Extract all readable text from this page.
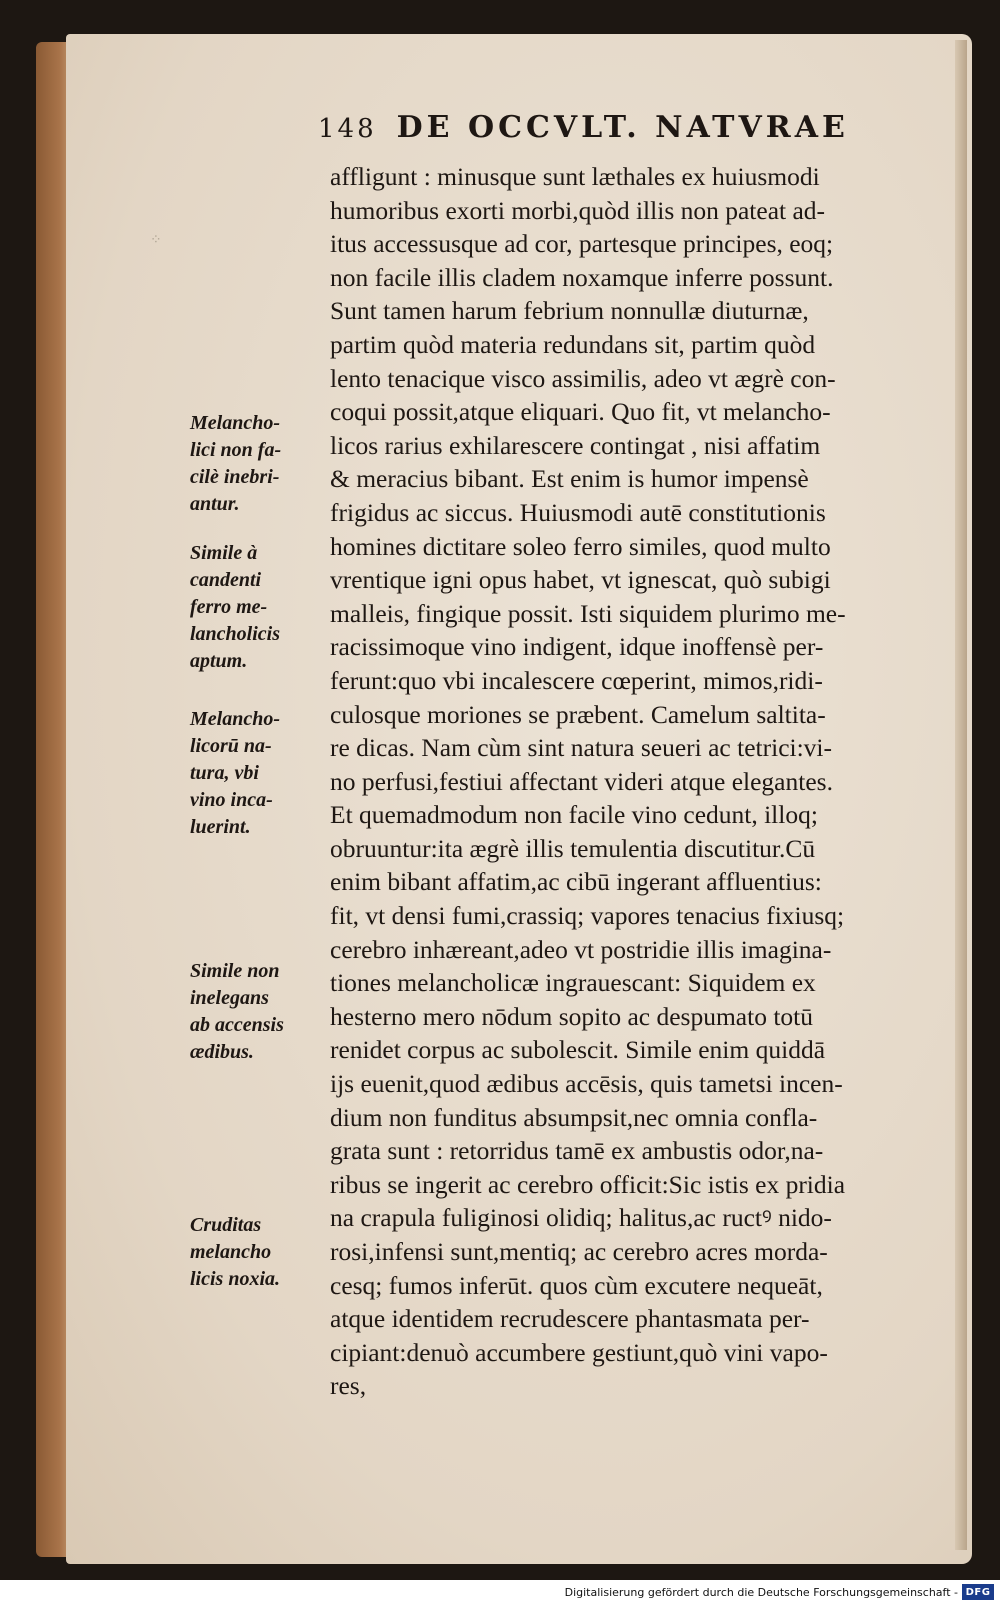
⁘
148 DE OCCVLT. NATVRAE
affligunt : minusque sunt læthales ex huiusmodi
humoribus exorti morbi,quòd illis non pateat ad-
itus accessusque ad cor, partesque principes, eoq;
non facile illis cladem noxamque inferre possunt.
Sunt tamen harum febrium nonnullæ diuturnæ,
partim quòd materia redundans sit, partim quòd
lento tenacique visco assimilis, adeo vt ægrè con-
coqui possit,atque eliquari. Quo fit, vt melancho-
licos rarius exhilarescere contingat , nisi affatim
& meracius bibant. Est enim is humor impensè
frigidus ac siccus. Huiusmodi autē constitutionis
homines dictitare soleo ferro similes, quod multo
vrentique igni opus habet, vt ignescat, quò subigi
malleis, fingique possit. Isti siquidem plurimo me-
racissimoque vino indigent, idque inoffensè per-
ferunt:quo vbi incalescere cœperint, mimos,ridi-
culosque moriones se præbent. Camelum saltita-
re dicas. Nam cùm sint natura seueri ac tetrici:vi-
no perfusi,festiui affectant videri atque elegantes.
Et quemadmodum non facile vino cedunt, illoq;
obruuntur:ita ægrè illis temulentia discutitur.Cū
enim bibant affatim,ac cibū ingerant affluentius:
fit, vt densi fumi,crassiq; vapores tenacius fixiusq;
cerebro inhæreant,adeo vt postridie illis imagina-
tiones melancholicæ ingrauescant: Siquidem ex
hesterno mero nōdum sopito ac despumato totū
renidet corpus ac subolescit. Simile enim quiddā
ijs euenit,quod ædibus accēsis, quis tametsi incen-
dium non funditus absumpsit,nec omnia confla-
grata sunt : retorridus tamē ex ambustis odor,na-
ribus se ingerit ac cerebro officit:Sic istis ex pridia
na crapula fuliginosi olidiq; halitus,ac ructꝰ nido-
rosi,infensi sunt,mentiq; ac cerebro acres morda-
cesq; fumos inferūt. quos cùm excutere nequeāt,
atque identidem recrudescere phantasmata per-
cipiant:denuò accumbere gestiunt,quò vini vapo-
res,
Melancho-
lici non fa-
cilè inebri-
antur.
Simile à
candenti
ferro me-
lancholicis
aptum.
Melancho-
licorū na-
tura, vbi
vino inca-
luerint.
Simile non
inelegans
ab accensis
ædibus.
Cruditas
melancho
licis noxia.
Digitalisierung gefördert durch die Deutsche Forschungsgemeinschaft - DFG
